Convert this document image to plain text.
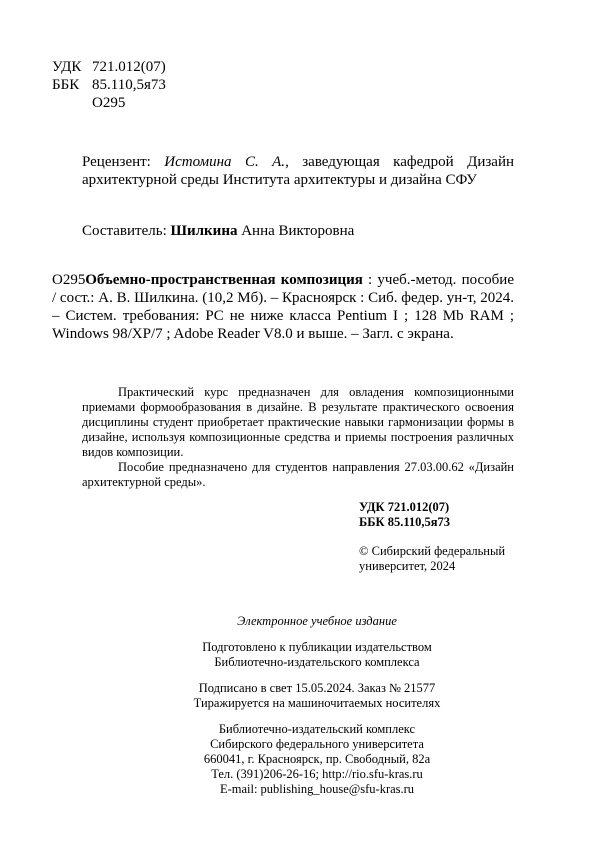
УДК 721.012(07)
ББК 85.110,5я73
О295
Рецензент: Истомина С. А., заведующая кафедрой Дизайн архитектурной среды Института архитектуры и дизайна СФУ
Составитель: Шилкина Анна Викторовна
О295 Объемно-пространственная композиция : учеб.-метод. пособие / сост.: А. В. Шилкина. (10,2 Мб). – Красноярск : Сиб. федер. ун-т, 2024. – Систем. требования: PC не ниже класса Pentium I ; 128 Mb RAM ; Windows 98/XP/7 ; Adobe Reader V8.0 и выше. – Загл. с экрана.

Практический курс предназначен для овладения композиционными приемами формообразования в дизайне. В результате практического освоения дисциплины студент приобретает практические навыки гармонизации формы в дизайне, используя композиционные средства и приемы построения различных видов композиции.

Пособие предназначено для студентов направления 27.03.00.62 «Дизайн архитектурной среды».

УДК 721.012(07)
ББК 85.110,5я73
© Сибирский федеральный университет, 2024
Электронное учебное издание
Подготовлено к публикации издательством
Библиотечно-издательского комплекса
Подписано в свет 15.05.2024. Заказ № 21577
Тиражируется на машиночитаемых носителях
Библиотечно-издательский комплекс
Сибирского федерального университета
660041, г. Красноярск, пр. Свободный, 82а
Тел. (391)206-26-16; http://rio.sfu-kras.ru
E-mail: publishing_house@sfu-kras.ru
